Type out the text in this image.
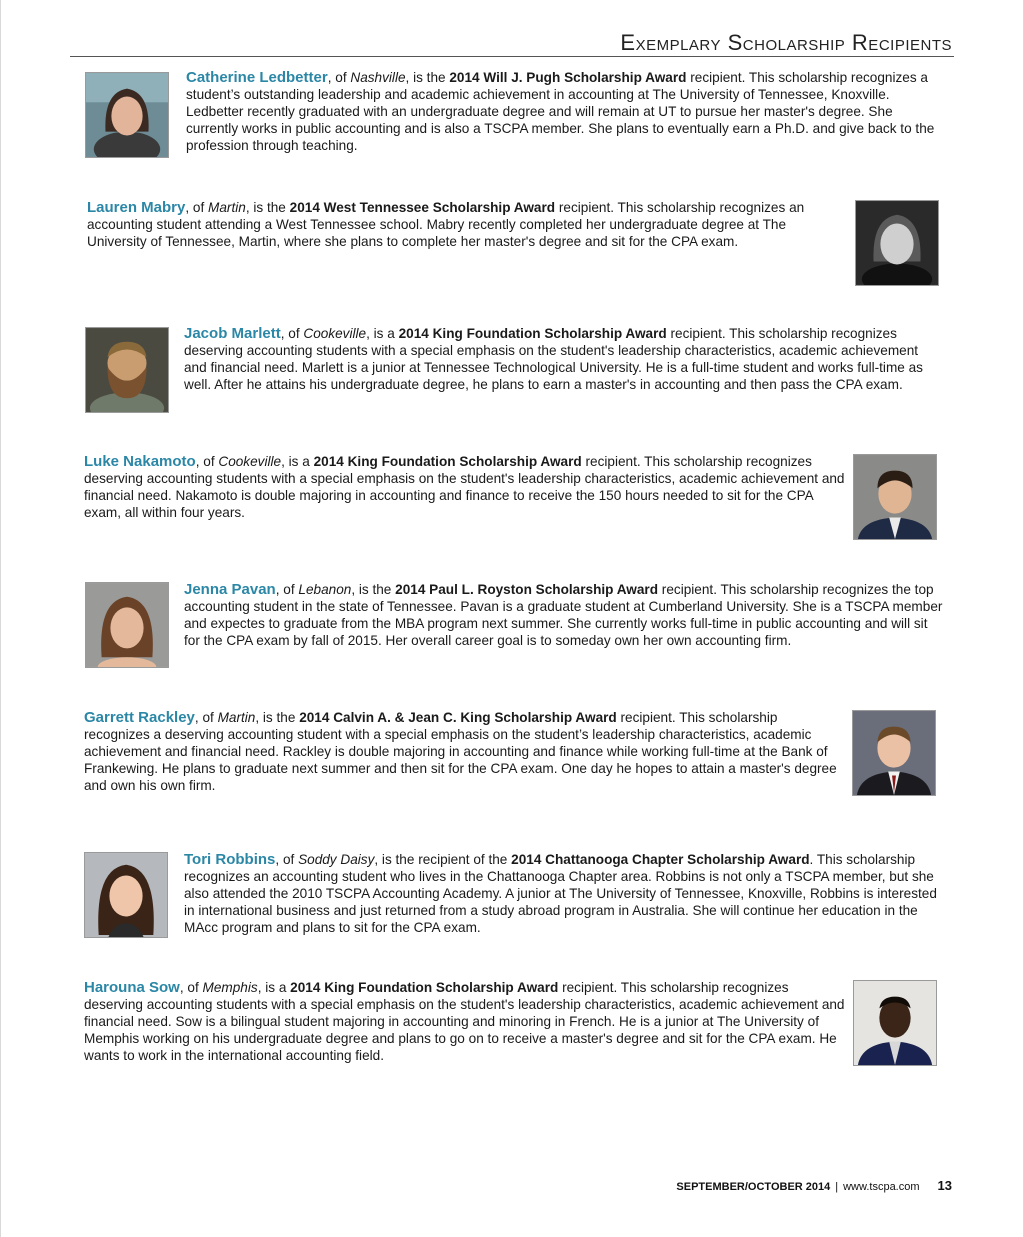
Exemplary Scholarship Recipients

Catherine Ledbetter, of Nashville, is the 2014 Will J. Pugh Scholarship Award recipient. This scholarship recognizes a student’s outstanding leadership and academic achievement in accounting at The University of Tennessee, Knoxville. Ledbetter recently graduated with an undergraduate degree and will remain at UT to pursue her master's degree. She currently works in public accounting and is also a TSCPA member. She plans to eventually earn a Ph.D. and give back to the profession through teaching.

Lauren Mabry, of Martin, is the 2014 West Tennessee Scholarship Award recipient. This scholarship recognizes an accounting student attending a West Tennessee school. Mabry recently completed her undergraduate degree at The University of Tennessee, Martin, where she plans to complete her master's degree and sit for the CPA exam.

Jacob Marlett, of Cookeville, is a 2014 King Foundation Scholarship Award recipient. This scholarship recognizes deserving accounting students with a special emphasis on the student's leadership characteristics, academic achievement and financial need. Marlett is a junior at Tennessee Technological University. He is a full-time student and works full-time as well. After he attains his undergraduate degree, he plans to earn a master's in accounting and then pass the CPA exam.

Luke Nakamoto, of Cookeville, is a 2014 King Foundation Scholarship Award recipient. This scholarship recognizes deserving accounting students with a special emphasis on the student's leadership characteristics, academic achievement and financial need. Nakamoto is double majoring in accounting and finance to receive the 150 hours needed to sit for the CPA exam, all within four years.

Jenna Pavan, of Lebanon, is the 2014 Paul L. Royston Scholarship Award recipient. This scholarship recognizes the top accounting student in the state of Tennessee. Pavan is a graduate student at Cumberland University. She is a TSCPA member and expectes to graduate from the MBA program next summer. She currently works full-time in public accounting and will sit for the CPA exam by fall of 2015. Her overall career goal is to someday own her own accounting firm.

Garrett Rackley, of Martin, is the 2014 Calvin A. & Jean C. King Scholarship Award recipient. This scholarship recognizes a deserving accounting student with a special emphasis on the student’s leadership characteristics, academic achievement and financial need. Rackley is double majoring in accounting and finance while working full-time at the Bank of Frankewing. He plans to graduate next summer and then sit for the CPA exam. One day he hopes to attain a master's degree and own his own firm.

Tori Robbins, of Soddy Daisy, is the recipient of the 2014 Chattanooga Chapter Scholarship Award. This scholarship recognizes an accounting student who lives in the Chattanooga Chapter area. Robbins is not only a TSCPA member, but she also attended the 2010 TSCPA Accounting Academy. A junior at The University of Tennessee, Knoxville, Robbins is interested in international business and just returned from a study abroad program in Australia. She will continue her education in the MAcc program and plans to sit for the CPA exam.

Harouna Sow, of Memphis, is a 2014 King Foundation Scholarship Award recipient. This scholarship recognizes deserving accounting students with a special emphasis on the student's leadership characteristics, academic achievement and financial need. Sow is a bilingual student majoring in accounting and minoring in French. He is a junior at The University of Memphis working on his undergraduate degree and plans to go on to receive a master's degree and sit for the CPA exam. He wants to work in the international accounting field.

SEPTEMBER/OCTOBER 2014 | www.tscpa.com 13
